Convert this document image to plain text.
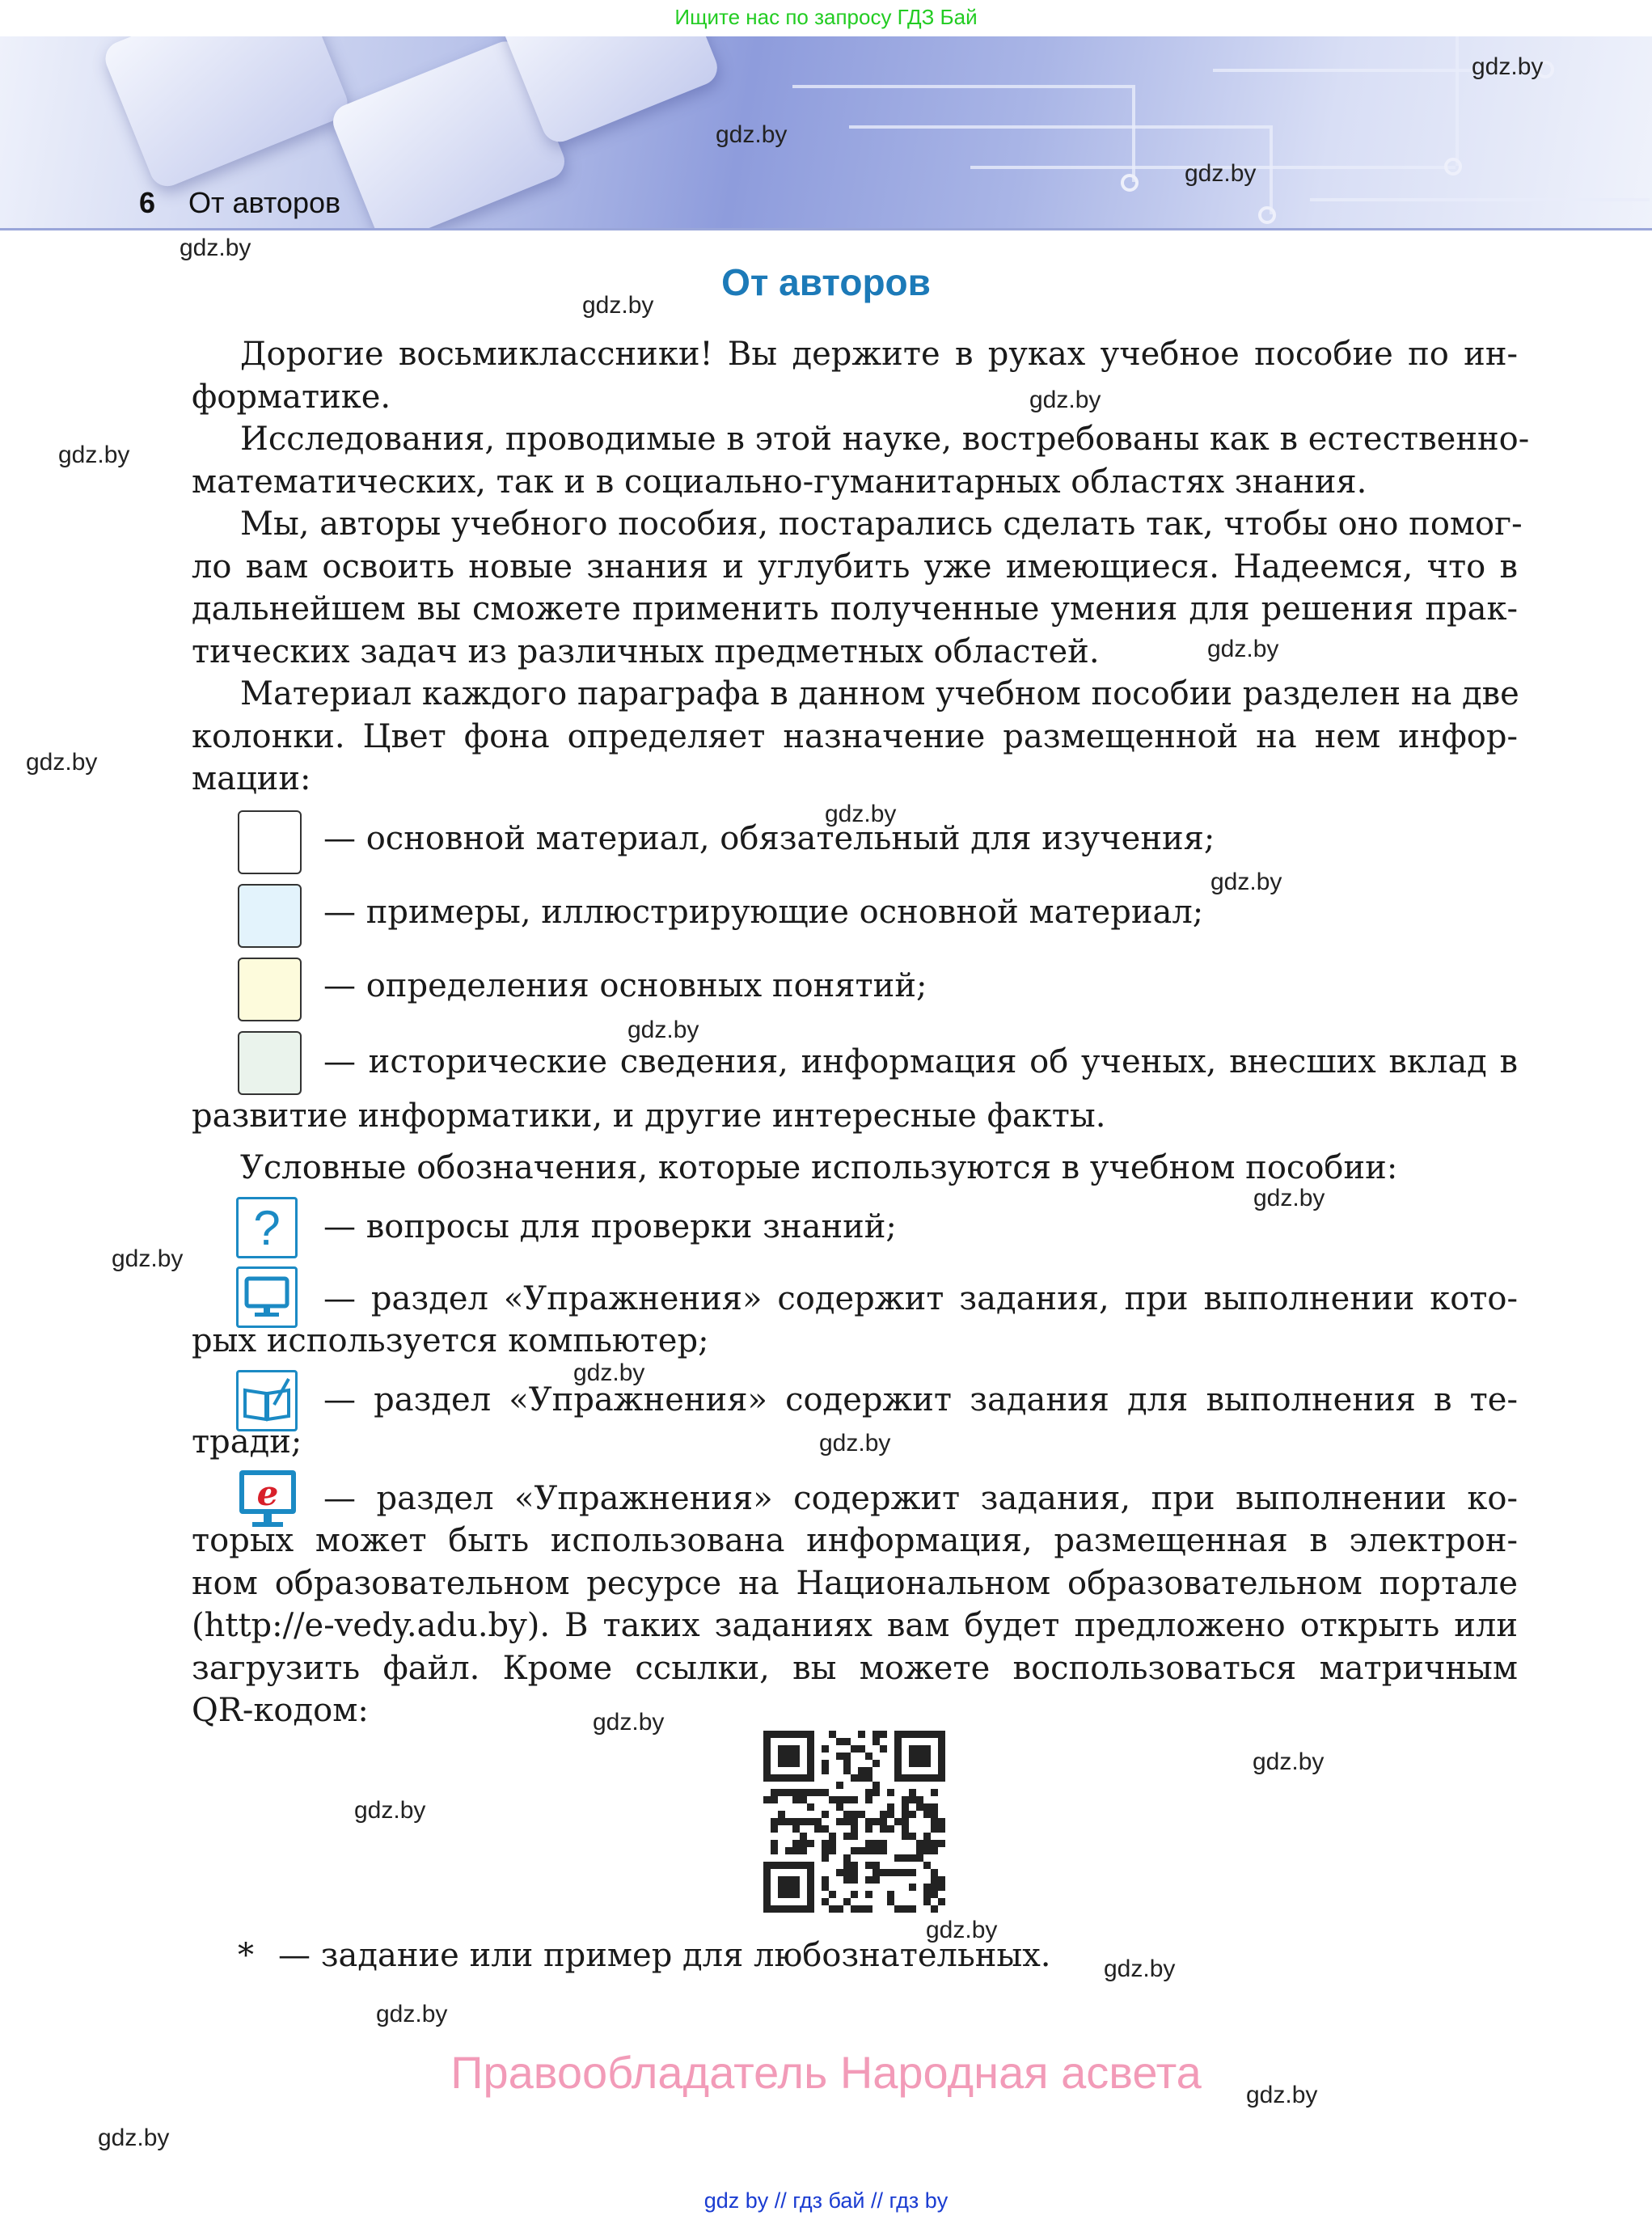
Ищите нас по запросу ГДЗ Бай
6 От авторов
От авторов
Дорогие восьмиклассники! Вы держите в руках учебное пособие по ин-
форматике.
Исследования, проводимые в этой науке, востребованы как в естественно-
математических, так и в социально-гуманитарных областях знания.
Мы, авторы учебного пособия, постарались сделать так, чтобы оно помог-
ло вам освоить новые знания и углубить уже имеющиеся. Надеемся, что в
дальнейшем вы сможете применить полученные умения для решения прак-
тических задач из различных предметных областей.
Материал каждого параграфа в данном учебном пособии разделен на две
колонки. Цвет фона определяет назначение размещенной на нем инфор-
мации:
— основной материал, обязательный для изучения;
— примеры, иллюстрирующие основной материал;
— определения основных понятий;
— исторические сведения, информация об ученых, внесших вклад в
развитие информатики, и другие интересные факты.
Условные обозначения, которые используются в учебном пособии:
? — вопросы для проверки знаний;
— раздел «Упражнения» содержит задания, при выполнении кото-
рых используется компьютер;
— раздел «Упражнения» содержит задания для выполнения в те-
тради;
e — раздел «Упражнения» содержит задания, при выполнении ко-
торых может быть использована информация, размещенная в электрон-
ном образовательном ресурсе на Национальном образовательном портале
(http://e-vedy.adu.by). В таких заданиях вам будет предложено открыть или
загрузить файл. Кроме ссылки, вы можете воспользоваться матричным
QR-кодом:
* — задание или пример для любознательных.
Правообладатель Народная асвета
gdz by // гдз бай // гдз by
gdz.by
gdz.by
gdz.by
gdz.by
gdz.by
gdz.by
gdz.by
gdz.by
gdz.by
gdz.by
gdz.by
gdz.by
gdz.by
gdz.by
gdz.by
gdz.by
gdz.by
gdz.by
gdz.by
gdz.by
gdz.by
gdz.by
gdz.by
gdz.by
